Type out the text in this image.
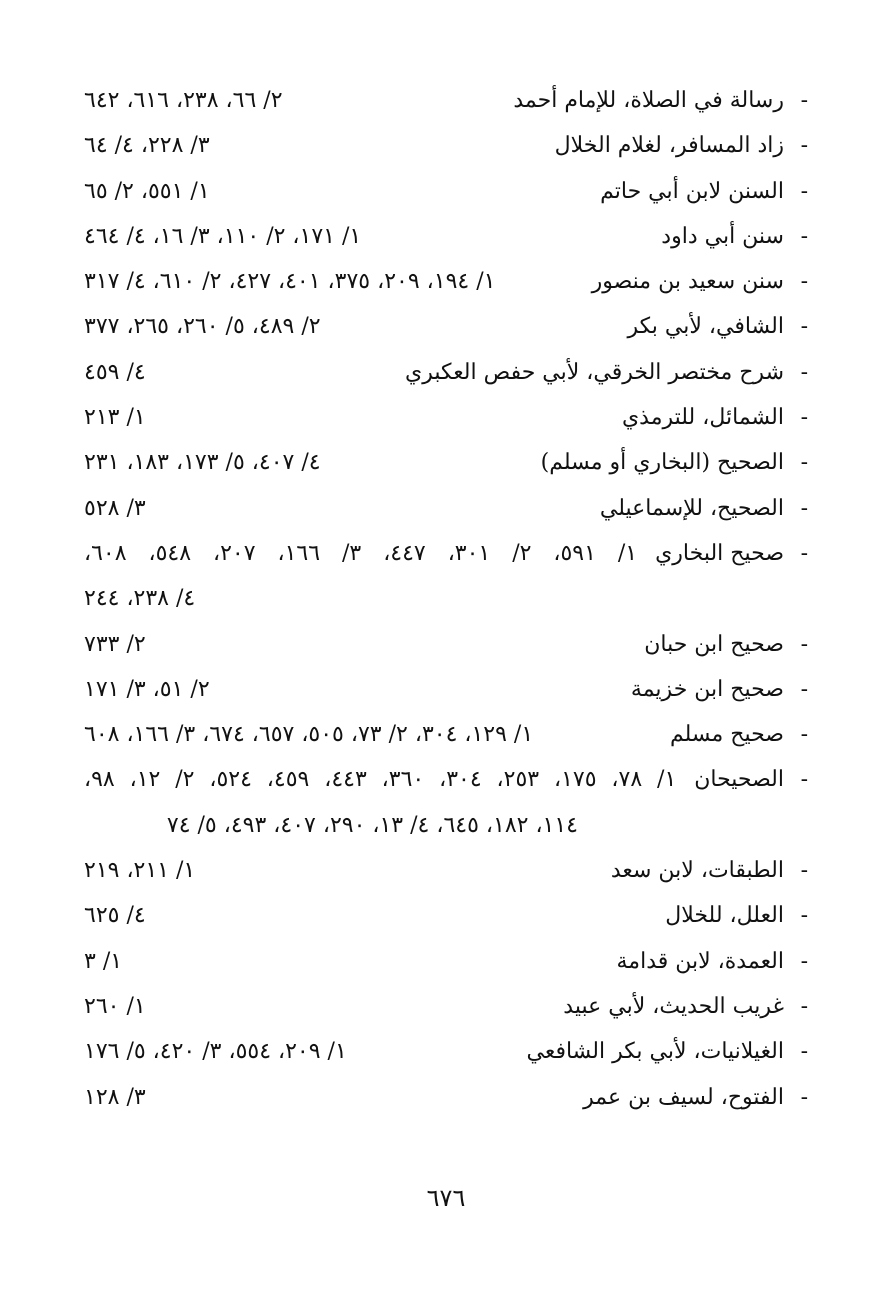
-
رسالة في الصلاة، للإمام أحمد
٢/ ٦٦، ٢٣٨، ٦١٦، ٦٤٢
-
زاد المسافر، لغلام الخلال
٣/ ٢٢٨، ٤/ ٦٤
-
السنن لابن أبي حاتم
١/ ٥٥١، ٢/ ٦٥
-
سنن أبي داود
١/ ١٧١، ٢/ ١١٠، ٣/ ١٦، ٤/ ٤٦٤
-
سنن سعيد بن منصور
١/ ١٩٤، ٢٠٩، ٣٧٥، ٤٠١، ٤٢٧، ٢/ ٦١٠، ٤/ ٣١٧
-
الشافي، لأبي بكر
٢/ ٤٨٩، ٥/ ٢٦٠، ٢٦٥، ٣٧٧
-
شرح مختصر الخرقي، لأبي حفص العكبري
٤/ ٤٥٩
-
الشمائل، للترمذي
١/ ٢١٣
-
الصحيح (البخاري أو مسلم)
٤/ ٤٠٧، ٥/ ١٧٣، ١٨٣، ٢٣١
-
الصحيح، للإسماعيلي
٣/ ٥٢٨
-
صحيح البخاري
١/ ٥٩١، ٢/ ٣٠١، ٤٤٧، ٣/ ١٦٦، ٢٠٧، ٥٤٨، ٦٠٨،
٤/ ٢٣٨، ٢٤٤
-
صحيح ابن حبان
٢/ ٧٣٣
-
صحيح ابن خزيمة
٢/ ٥١، ٣/ ١٧١
-
صحيح مسلم
١/ ١٢٩، ٣٠٤، ٢/ ٧٣، ٥٠٥، ٦٥٧، ٦٧٤، ٣/ ١٦٦، ٦٠٨
-
الصحيحان
١/ ٧٨، ١٧٥، ٢٥٣، ٣٠٤، ٣٦٠، ٤٤٣، ٤٥٩، ٥٢٤، ٢/ ١٢، ٩٨،
١١٤، ١٨٢، ٦٤٥، ٤/ ١٣، ٢٩٠، ٤٠٧، ٤٩٣، ٥/ ٧٤
-
الطبقات، لابن سعد
١/ ٢١١، ٢١٩
-
العلل، للخلال
٤/ ٦٢٥
-
العمدة، لابن قدامة
١/ ٣
-
غريب الحديث، لأبي عبيد
١/ ٢٦٠
-
الغيلانيات، لأبي بكر الشافعي
١/ ٢٠٩، ٥٥٤، ٣/ ٤٢٠، ٥/ ١٧٦
-
الفتوح، لسيف بن عمر
٣/ ١٢٨
٦٧٦
